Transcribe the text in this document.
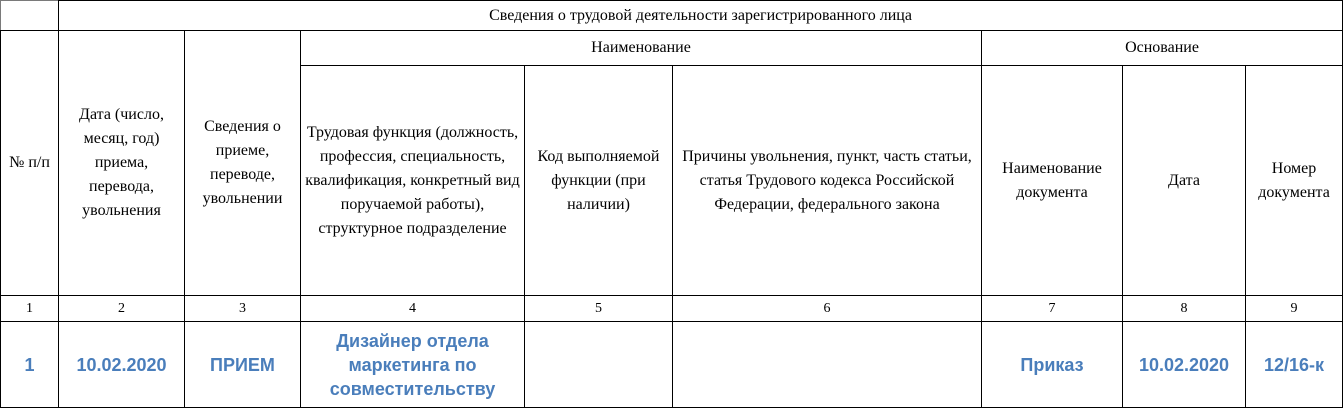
	Сведения о трудовой деятельности зарегистрированного лица							
№ п/п	Дата (число, месяц, год) приема, перевода, увольнения	Сведения о приеме, переводе, увольнении	Наименование			Основание		
			Трудовая функция (должность, профессия, специальность, квалификация, конкретный вид поручаемой работы), структурное подразделение	Код выполняемой функции (при наличии)	Причины увольнения, пункт, часть статьи, статья Трудового кодекса Российской Федерации, федерального закона	Наименование документа	Дата	Номер документа
1	2	3	4	5	6	7	8	9
1	10.02.2020	ПРИЕМ	Дизайнер отдела маркетинга по совместительству			Приказ	10.02.2020	12/16-к
